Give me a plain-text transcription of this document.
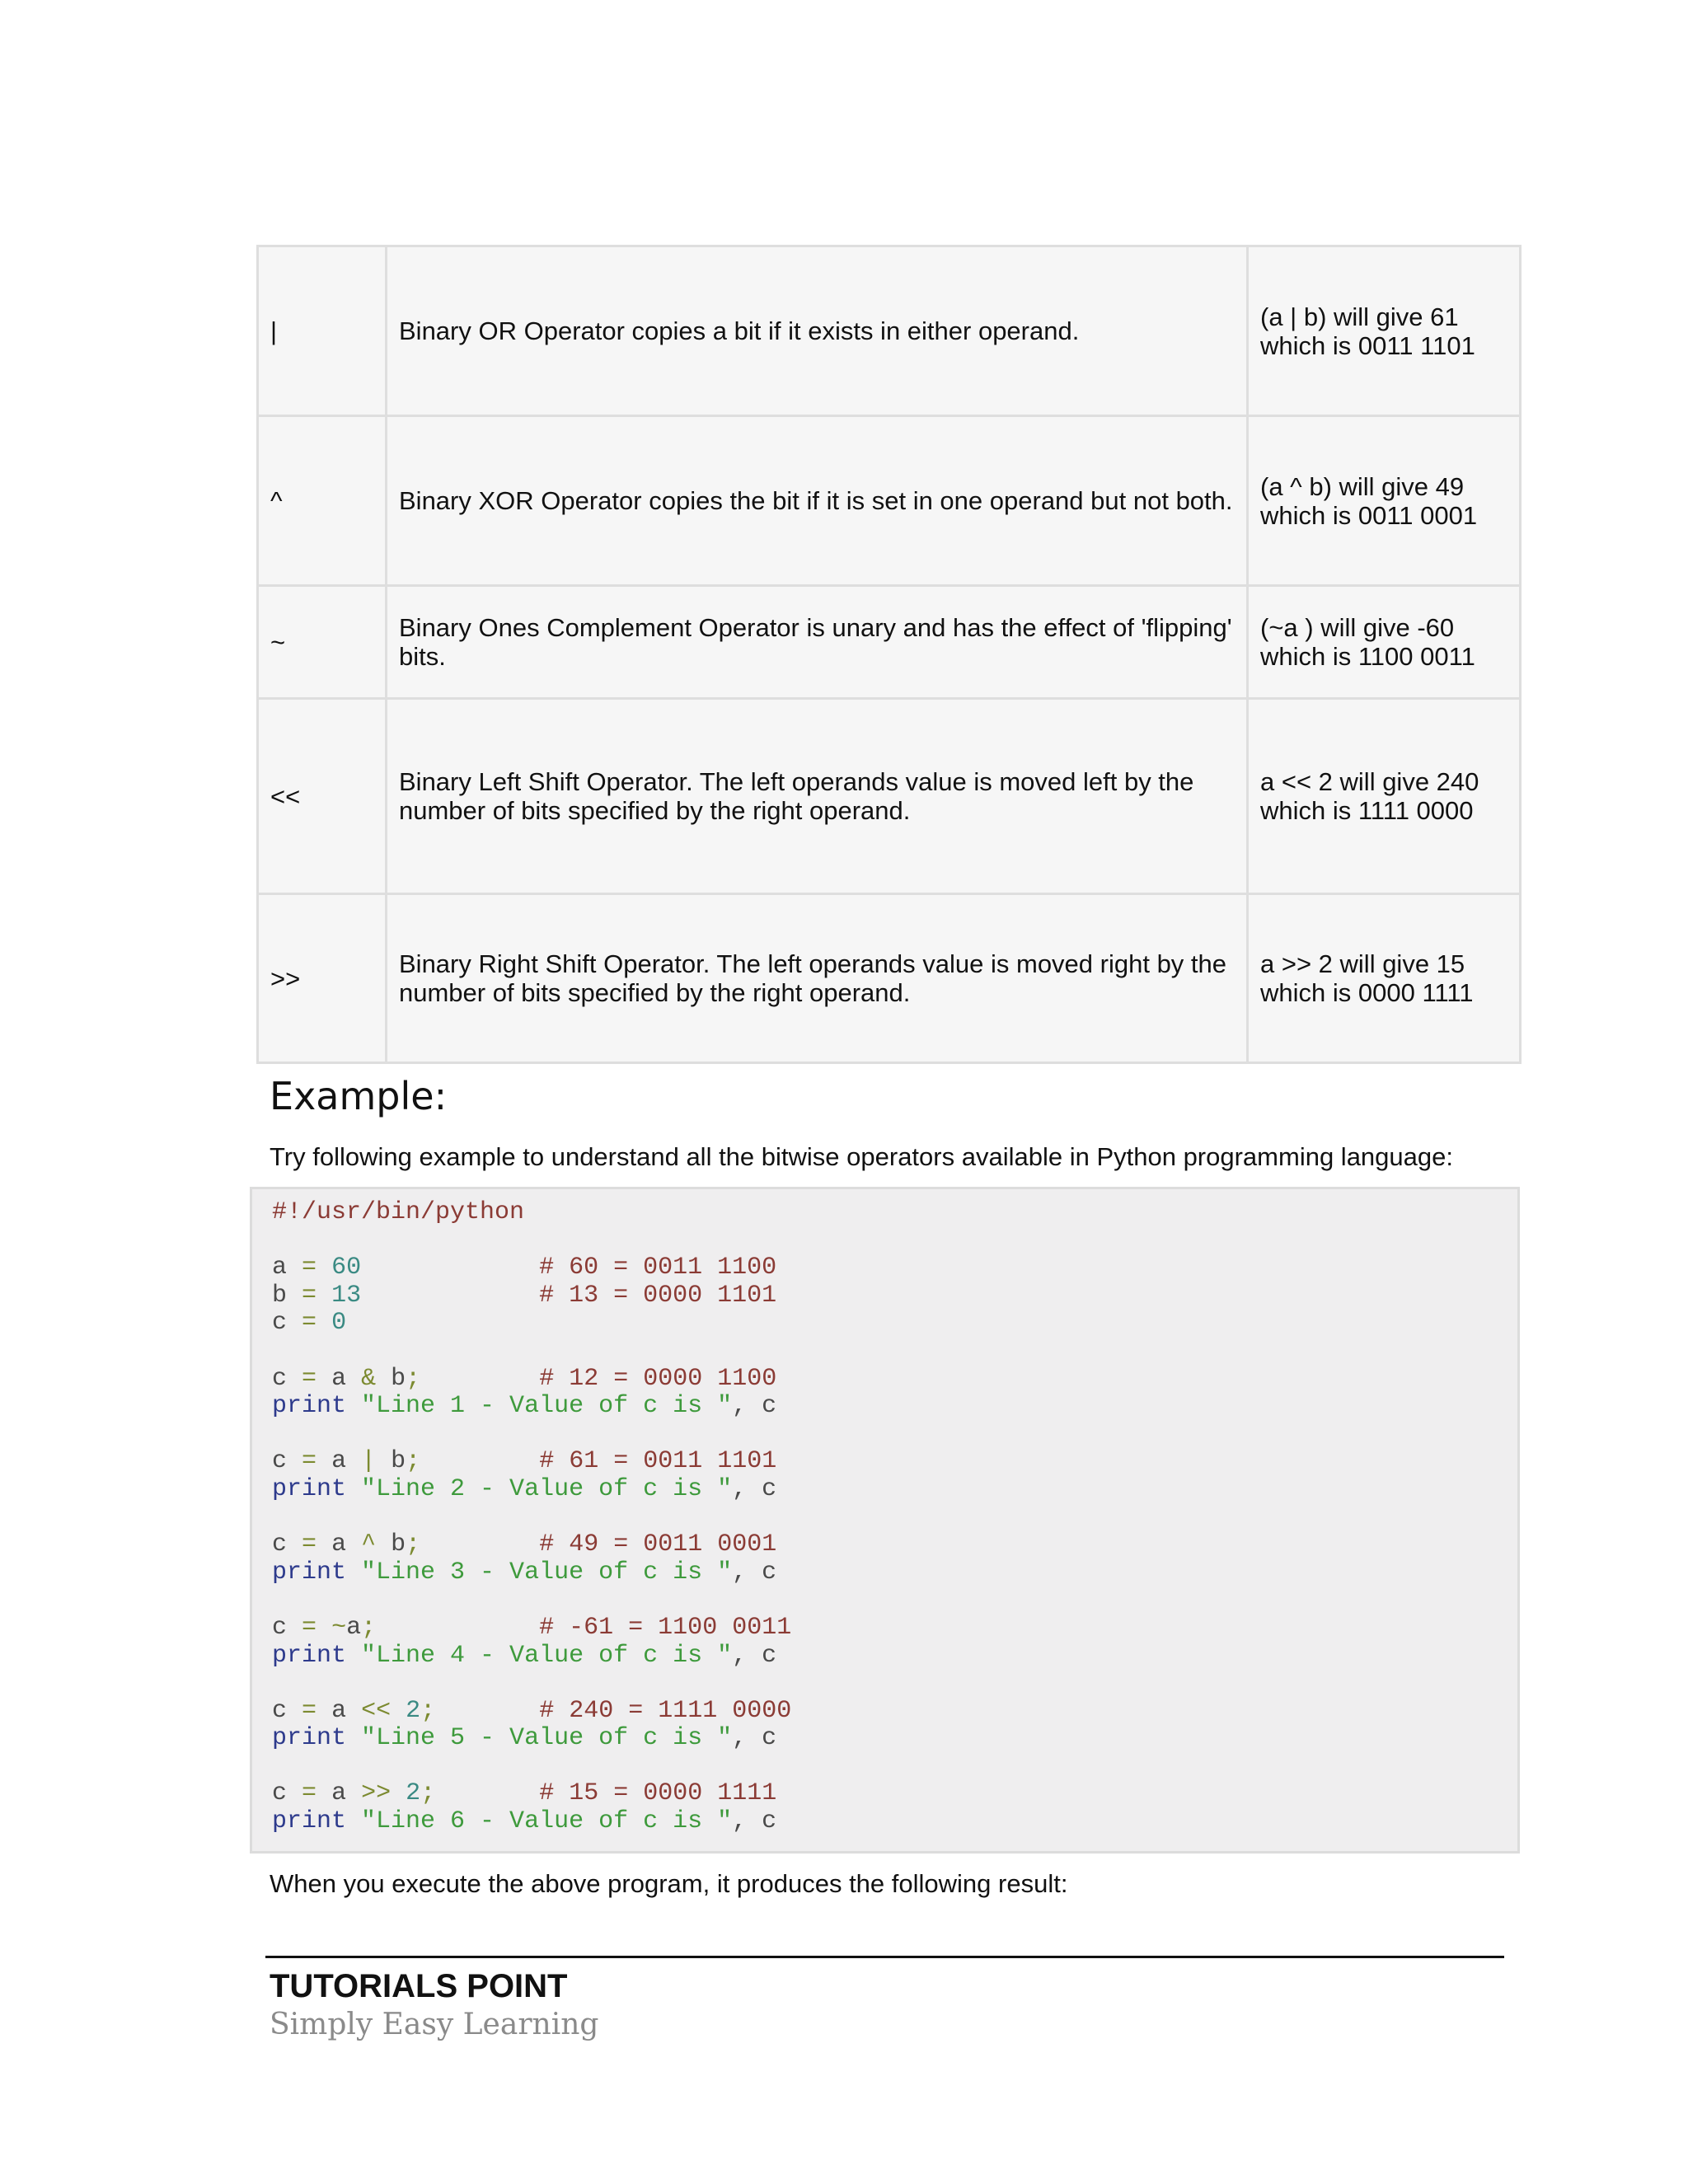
|	Binary OR Operator copies a bit if it exists in either operand.	(a | b) will give 61
which is 0011 1101

^	Binary XOR Operator copies the bit if it is set in one operand but not both.	(a ^ b) will give 49
which is 0011 0001

~	Binary Ones Complement Operator is unary and has the effect of 'flipping' bits.	(~a ) will give -60
which is 1100 0011

<<	Binary Left Shift Operator. The left operands value is moved left by the number of bits specified by the right operand.	a << 2 will give 240
which is 1111 0000

>>	Binary Right Shift Operator. The left operands value is moved right by the number of bits specified by the right operand.	a >> 2 will give 15
which is 0000 1111
Example:

Try following example to understand all the bitwise operators available in Python programming language:

#!/usr/bin/python

a = 60	# 60 = 0011 1100
b = 13	# 13 = 0000 1101
c = 0

c = a & b;	# 12 = 0000 1100
print "Line 1 - Value of c is ", c

c = a | b;	# 61 = 0011 1101
print "Line 2 - Value of c is ", c

c = a ^ b;	# 49 = 0011 0001
print "Line 3 - Value of c is ", c

c = ~a;	# -61 = 1100 0011
print "Line 4 - Value of c is ", c

c = a << 2;	# 240 = 1111 0000
print "Line 5 - Value of c is ", c

c = a >> 2;	# 15 = 0000 1111
print "Line 6 - Value of c is ", c

When you execute the above program, it produces the following result:

TUTORIALS POINT

Simply Easy Learning
